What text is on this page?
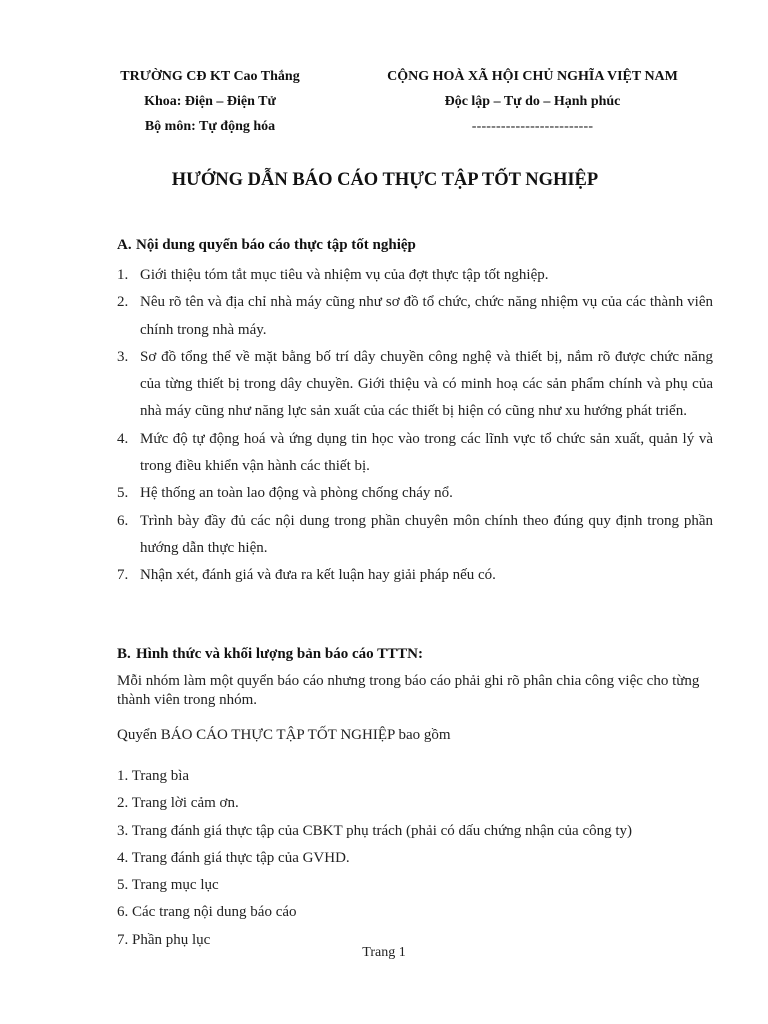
TRƯỜNG CĐ KT Cao Thắng
Khoa: Điện – Điện Tử
Bộ môn: Tự động hóa
CỘNG HOÀ XÃ HỘI CHỦ NGHĨA VIỆT NAM
Độc lập – Tự do – Hạnh phúc
-------------------------
HƯỚNG DẪN BÁO CÁO THỰC TẬP TỐT NGHIỆP
A. Nội dung quyển báo cáo thực tập tốt nghiệp
1. Giới thiệu tóm tắt mục tiêu và nhiệm vụ của đợt thực tập tốt nghiệp.
2. Nêu rõ tên và địa chỉ nhà máy cũng như sơ đồ tổ chức, chức năng nhiệm vụ của các thành viên chính trong nhà máy.
3. Sơ đồ tổng thể về mặt bằng bố trí dây chuyền công nghệ và thiết bị, nắm rõ được chức năng của từng thiết bị trong dây chuyền. Giới thiệu và có minh hoạ các sản phẩm chính và phụ của nhà máy cũng như năng lực sản xuất của các thiết bị hiện có cũng như xu hướng phát triển.
4. Mức độ tự động hoá và ứng dụng tin học vào trong các lĩnh vực tổ chức sản xuất, quản lý và trong điều khiển vận hành các thiết bị.
5. Hệ thống an toàn lao động và phòng chống cháy nổ.
6. Trình bày đầy đủ các nội dung trong phần chuyên môn chính theo đúng quy định trong phần hướng dẫn thực hiện.
7. Nhận xét, đánh giá và đưa ra kết luận hay giải pháp nếu có.
B. Hình thức và khối lượng bản báo cáo TTTN:
Mỗi nhóm làm một quyển báo cáo nhưng trong báo cáo phải ghi rõ phân chia công việc cho từng thành viên trong nhóm.
Quyển BÁO CÁO THỰC TẬP TỐT NGHIỆP bao gồm
1. Trang bìa
2. Trang lời cảm ơn.
3. Trang đánh giá thực tập của CBKT phụ trách (phải có dấu chứng nhận của công ty)
4. Trang đánh giá thực tập của GVHD.
5. Trang mục lục
6. Các trang nội dung báo cáo
7. Phần phụ lục
Trang 1
